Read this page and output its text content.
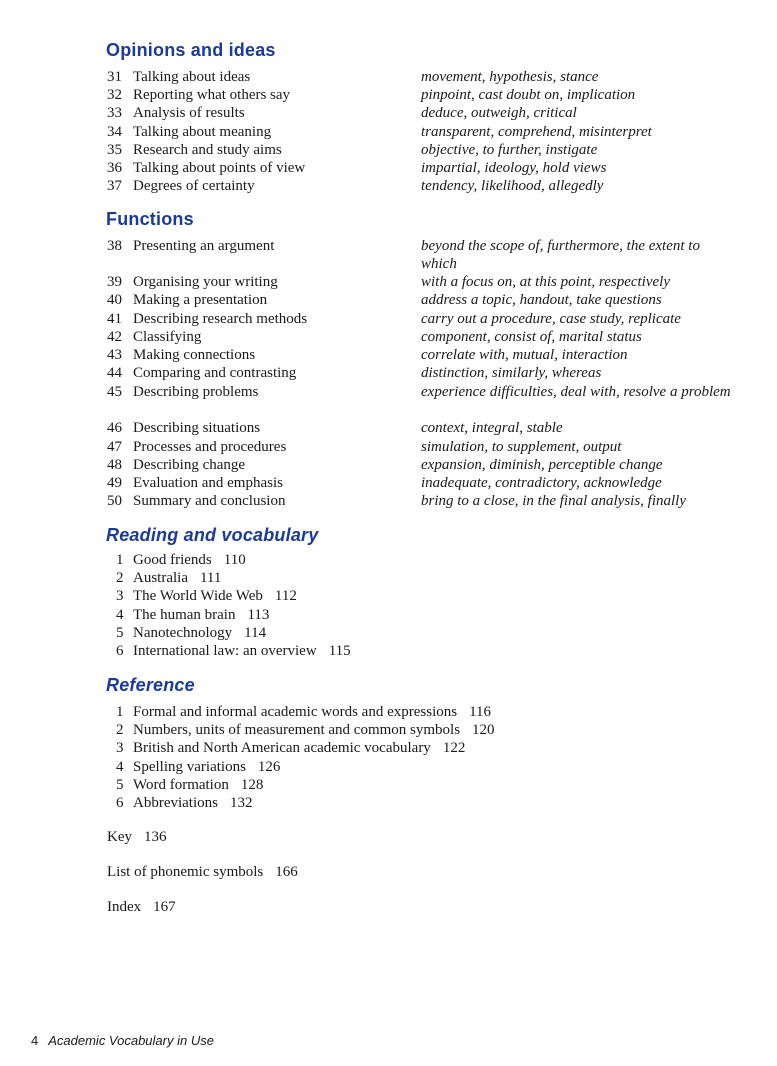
Opinions and ideas
31 Talking about ideas	movement, hypothesis, stance
32 Reporting what others say	pinpoint, cast doubt on, implication
33 Analysis of results	deduce, outweigh, critical
34 Talking about meaning	transparent, comprehend, misinterpret
35 Research and study aims	objective, to further, instigate
36 Talking about points of view	impartial, ideology, hold views
37 Degrees of certainty	tendency, likelihood, allegedly
Functions
38 Presenting an argument	beyond the scope of, furthermore, the extent to which
39 Organising your writing	with a focus on, at this point, respectively
40 Making a presentation	address a topic, handout, take questions
41 Describing research methods	carry out a procedure, case study, replicate
42 Classifying	component, consist of, marital status
43 Making connections	correlate with, mutual, interaction
44 Comparing and contrasting	distinction, similarly, whereas
45 Describing problems	experience difficulties, deal with, resolve a problem
46 Describing situations	context, integral, stable
47 Processes and procedures	simulation, to supplement, output
48 Describing change	expansion, diminish, perceptible change
49 Evaluation and emphasis	inadequate, contradictory, acknowledge
50 Summary and conclusion	bring to a close, in the final analysis, finally
Reading and vocabulary
1 Good friends 110
2 Australia 111
3 The World Wide Web 112
4 The human brain 113
5 Nanotechnology 114
6 International law: an overview 115
Reference
1 Formal and informal academic words and expressions 116
2 Numbers, units of measurement and common symbols 120
3 British and North American academic vocabulary 122
4 Spelling variations 126
5 Word formation 128
6 Abbreviations 132
Key 136
List of phonemic symbols 166
Index 167
4 Academic Vocabulary in Use
